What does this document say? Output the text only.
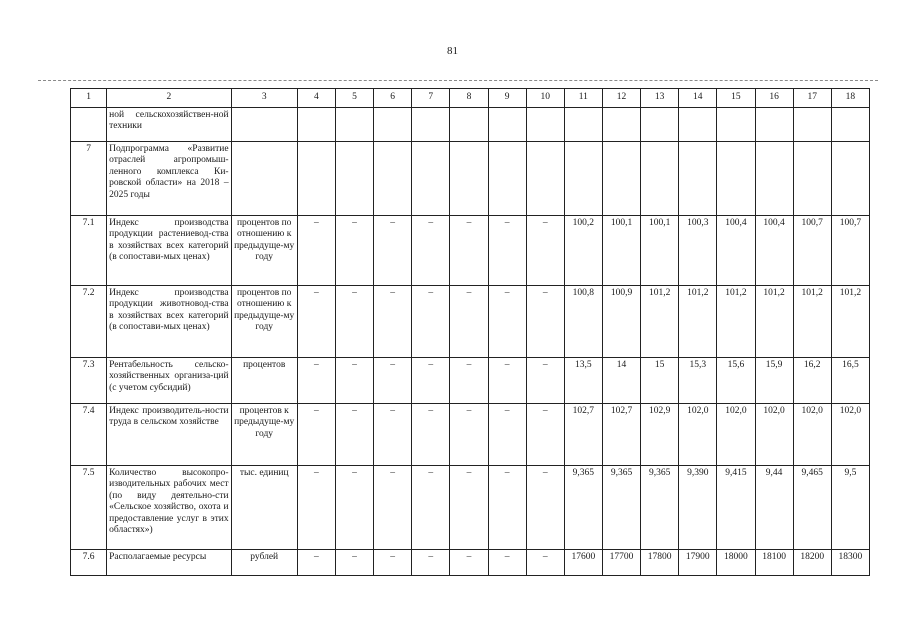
81
1	2	3	4	5	6	7	8	9	10	11	12	13	14	15	16	17	18
	ной сельскохозяйствен-ной техники																
7	Подпрограмма «Развитие отраслей агропромыш-ленного комплекса Ки-ровской области» на 2018 – 2025 годы																
7.1	Индекс производства продукции растениевод-ства в хозяйствах всех категорий (в сопостави-мых ценах)	процентов по отношению к предыдуще-му году	–	–	–	–	–	–	–	100,2	100,1	100,1	100,3	100,4	100,4	100,7	100,7
7.2	Индекс производства продукции животновод-ства в хозяйствах всех категорий (в сопостави-мых ценах)	процентов по отношению к предыдуще-му году	–	–	–	–	–	–	–	100,8	100,9	101,2	101,2	101,2	101,2	101,2	101,2
7.3	Рентабельность сельско-хозяйственных организа-ций (с учетом субсидий)	процентов	–	–	–	–	–	–	–	13,5	14	15	15,3	15,6	15,9	16,2	16,5
7.4	Индекс производитель-ности труда в сельском хозяйстве	процентов к предыдуще-му году	–	–	–	–	–	–	–	102,7	102,7	102,9	102,0	102,0	102,0	102,0	102,0
7.5	Количество высокопро-изводительных рабочих мест (по виду деятельно-сти «Сельское хозяйство, охота и предоставление услуг в этих областях»)	тыс. единиц	–	–	–	–	–	–	–	9,365	9,365	9,365	9,390	9,415	9,44	9,465	9,5
7.6	Располагаемые ресурсы	рублей	–	–	–	–	–	–	–	17600	17700	17800	17900	18000	18100	18200	18300
